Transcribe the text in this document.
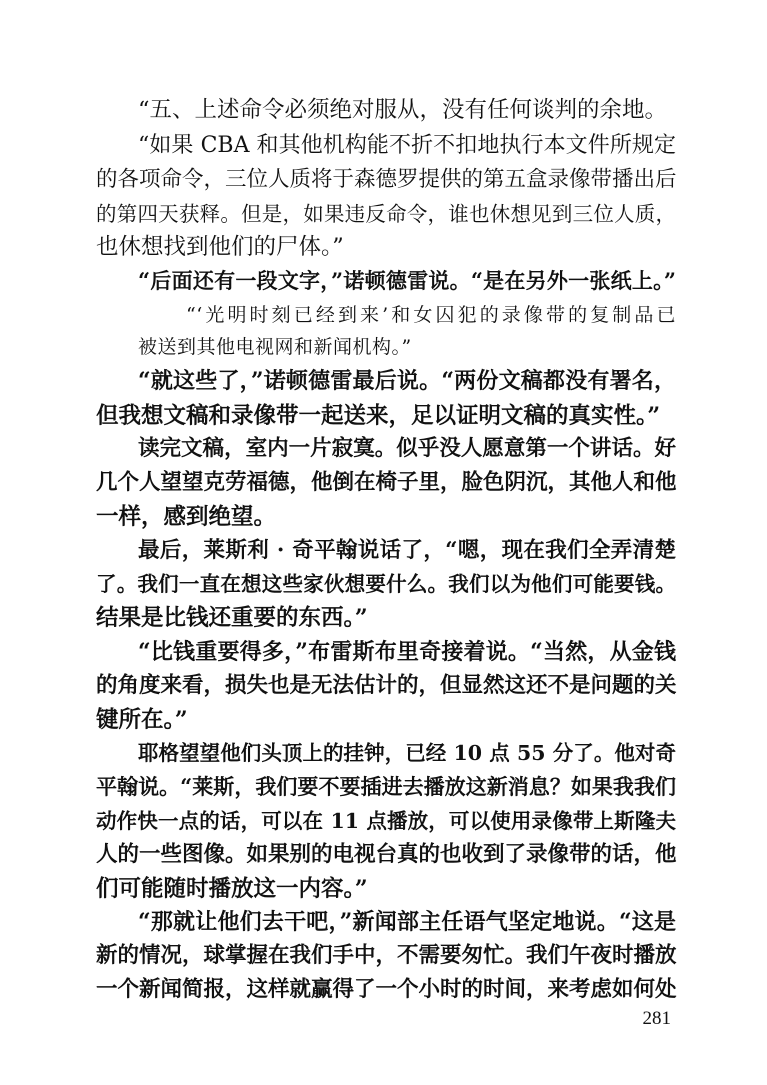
“五、上述命令必须绝对服从，没有任何谈判的余地。
“如果 CBA 和其他机构能不折不扣地执行本文件所规定
的各项命令，三位人质将于森德罗提供的第五盒录像带播出后
的第四天获释。但是，如果违反命令，谁也休想见到三位人质，
也休想找到他们的尸体。”
“后面还有一段文字，”诺顿德雷说。“是在另外一张纸上。”
“‘光明时刻已经到来’和女囚犯的录像带的复制品已
被送到其他电视网和新闻机构。”
“就这些了，”诺顿德雷最后说。“两份文稿都没有署名，
但我想文稿和录像带一起送来，足以证明文稿的真实性。”
读完文稿，室内一片寂寞。似乎没人愿意第一个讲话。好
几个人望望克劳福德，他倒在椅子里，脸色阴沉，其他人和他
一样，感到绝望。
最后，莱斯利 · 奇平翰说话了，“嗯，现在我们全弄清楚
了。我们一直在想这些家伙想要什么。我们以为他们可能要钱。
结果是比钱还重要的东西。”
“比钱重要得多，”布雷斯布里奇接着说。“当然，从金钱
的角度来看，损失也是无法估计的，但显然这还不是问题的关
键所在。”
耶格望望他们头顶上的挂钟，已经 10 点 55 分了。他对奇
平翰说。“莱斯，我们要不要插进去播放这新消息？如果我我们
动作快一点的话，可以在 11 点播放，可以使用录像带上斯隆夫
人的一些图像。如果别的电视台真的也收到了录像带的话，他
们可能随时播放这一内容。”
“那就让他们去干吧，”新闻部主任语气坚定地说。“这是
新的情况，球掌握在我们手中，不需要匆忙。我们午夜时播放
一个新闻简报，这样就赢得了一个小时的时间，来考虑如何处
281
